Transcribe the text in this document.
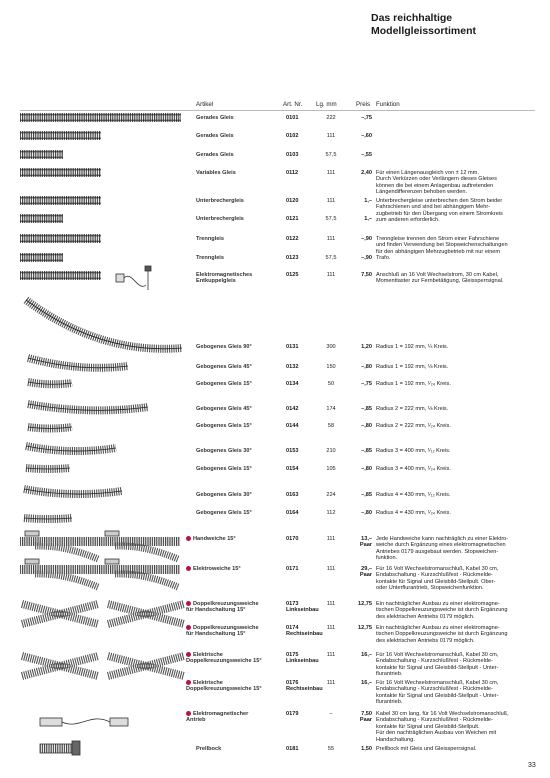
Das reichhaltige
Modellgleissortiment
Artikel	Art. Nr. Lg. mm	Preis Funktion
Gerades Gleis	0101	222	–,75
Gerades Gleis	0102	111	–,60
Gerades Gleis	0103	57,5	–,55
Variables Gleis	0112	111	2,40 Für einen Längenausgleich von ± 12 mm.
Durch Verkürzen oder Verlängern dieses Gleises
können die bei einem Anlagenbau auftretenden
Längendifferenzen behoben werden.
Unterbrechergleis	0120	111	1,– Unterbrechergleise unterbrechen den Strom beider
Fahrschienen und sind bei abhängigem Mehr-
zugbetrieb für den Übergang von einem Stromkreis
zum anderen erforderlich.
Unterbrechergleis	0121	57,5	1,–
Trenngleis	0122	111	–,90 Trenngleise trennen den Strom einer Fahrschiene
und finden Verwendung bei Stopweichenschaltungen
für den abhängigen Mehrzugbetrieb mit nur einem
Trafo.
Trenngleis	0123	57,5	–,90
Elektromagnetisches
Entkuppelgleis
0125	111	7,50 Anschluß an 16 Volt Wechselstrom, 30 cm Kabel,
Momenttaster zur Fernbetätigung, Gleissperrsignal.
Gebogenes Gleis 90°	0131	300	1,20 Radius 1 = 192 mm, ¼ Kreis.
Gebogenes Gleis 45°	0132	150	–,80 Radius 1 = 192 mm, ⅛ Kreis.
Gebogenes Gleis 15°	0134	50	–,75 Radius 1 = 192 mm, ¹⁄₂₄ Kreis.
Gebogenes Gleis 45°	0142	174	–,85 Radius 2 = 222 mm, ⅛ Kreis.
Gebogenes Gleis 15°	0144	58	–,80 Radius 2 = 222 mm, ¹⁄₂₄ Kreis.
Gebogenes Gleis 30°	0153	210	–,85 Radius 3 = 400 mm, ¹⁄₁₂ Kreis.
Gebogenes Gleis 15°	0154	105	–,80 Radius 3 = 400 mm, ¹⁄₂₄ Kreis.
Gebogenes Gleis 30°	0163	224	–,85 Radius 4 = 430 mm, ¹⁄₁₂ Kreis.
Gebogenes Gleis 15°	0164	112	–,80 Radius 4 = 430 mm, ¹⁄₂₄ Kreis.
Handweiche 15°	0170	111	13,–
Paar
Jede Handweiche kann nachträglich zu einer Elektro-
weiche durch Ergänzung eines elektromagnetischen
Antriebes 0179 ausgebaut werden. Stopweichen-
funktion.
Elektroweiche 15°	0171	111	29,–
Paar
Für 16 Volt Wechselstromanschluß, Kabel 30 cm,
Endabschaltung - Kurzschlußfest - Rückmelde-
kontakte für Signal und Gleisbild-Stellpult. Ober-
oder Unterflurantrieb, Stopweichenfunktion.
Doppelkreuzungsweiche
für Handschaltung 15°
0173
Linkseinbau
111	12,75 Ein nachträglicher Ausbau zu einer elektromagne-
tischen Doppelkreuzungsweiche ist durch Ergänzung
des elektrischen Antriebs 0179 möglich.
Doppelkreuzungsweiche
für Handschaltung 15°
0174
Rechtseinbau
111	12,75 Ein nachträglicher Ausbau zu einer elektromagne-
tischen Doppelkreuzungsweiche ist durch Ergänzung
des elektrischen Antriebs 0179 möglich.
Elektrische
Doppelkreuzungsweiche 15°
0175
Linkseinbau
111	16,– Für 16 Volt Wechselstromanschluß, Kabel 30 cm,
Endabschaltung - Kurzschlußfest - Rückmelde-
kontakte für Signal und Gleisbild-Stellpult - Unter-
flurantrieb.
Elektrische
Doppelkreuzungsweiche 15°
0176
Rechtseinbau
111	16,– Für 16 Volt Wechselstromanschluß, Kabel 30 cm,
Endabschaltung - Kurzschlußfest - Rückmelde-
kontakte für Signal und Gleisbild-Stellpult - Unter-
flurantrieb.
Elektromagnetischer
Antrieb
0179	–	7,50
Paar
Kabel 30 cm lang, für 16 Volt Wechselstromanschluß,
Endabschaltung - Kurzschlußfest - Rückmelde-
kontakte für Signal und Gleisbild-Stellpult.
Für den nachträglichen Ausbau von Weichen mit
Handschaltung.
Prellbock	0181	55	1,50 Prellbock mit Gleis und Gleissperrsignal.
33
